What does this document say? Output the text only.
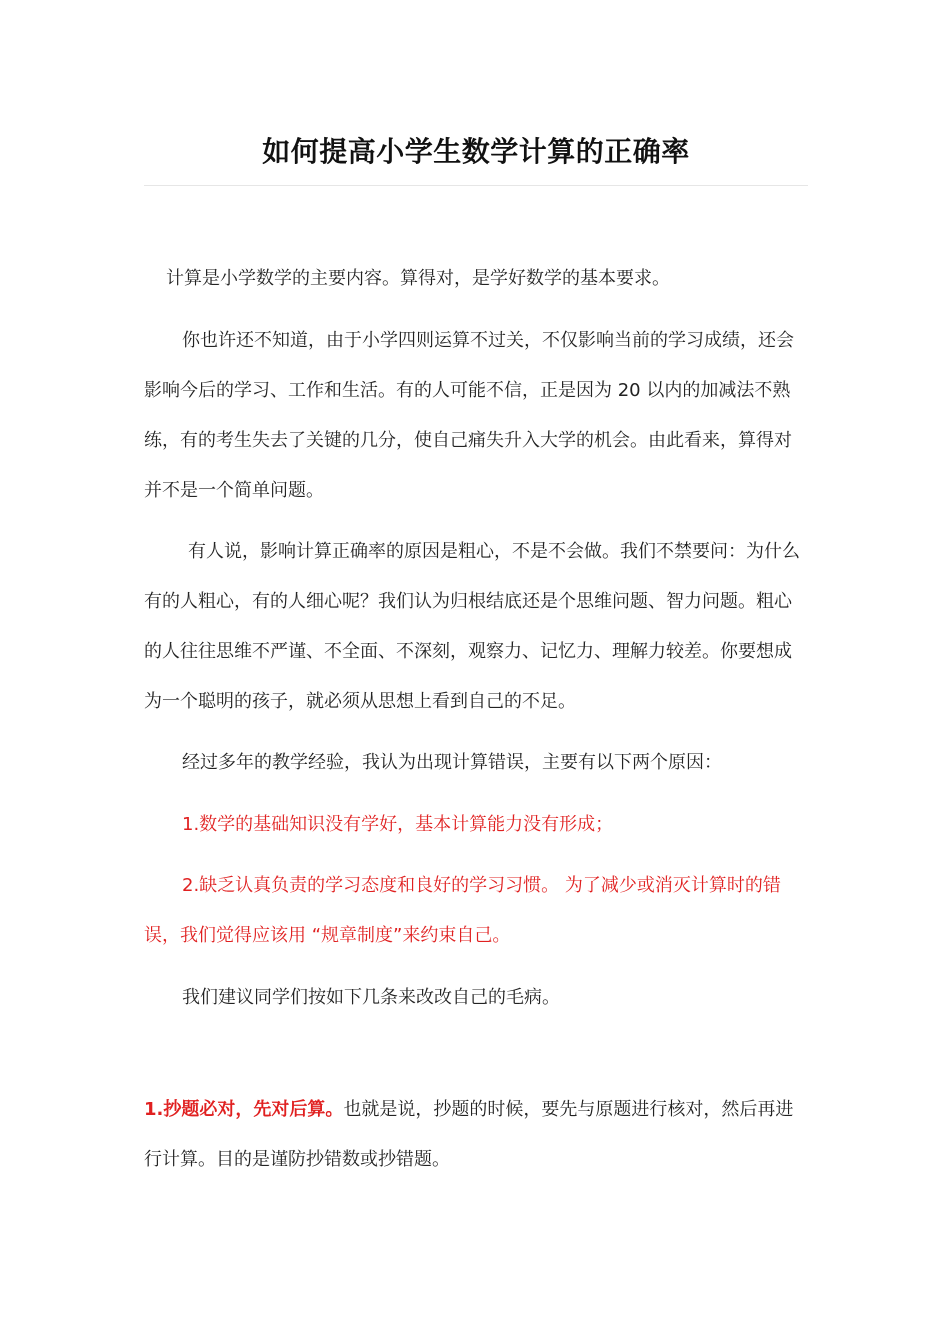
如何提高小学生数学计算的正确率

计算是小学数学的主要内容。算得对，是学好数学的基本要求。

你也许还不知道，由于小学四则运算不过关，不仅影响当前的学习成绩，还会影响今后的学习、工作和生活。有的人可能不信，正是因为 20 以内的加减法不熟练，有的考生失去了关键的几分，使自己痛失升入大学的机会。由此看来，算得对并不是一个简单问题。

有人说，影响计算正确率的原因是粗心，不是不会做。我们不禁要问：为什么有的人粗心，有的人细心呢？我们认为归根结底还是个思维问题、智力问题。粗心的人往往思维不严谨、不全面、不深刻，观察力、记忆力、理解力较差。你要想成为一个聪明的孩子，就必须从思想上看到自己的不足。

经过多年的教学经验，我认为出现计算错误，主要有以下两个原因：

1.数学的基础知识没有学好，基本计算能力没有形成；

2.缺乏认真负责的学习态度和良好的学习习惯。 为了减少或消灭计算时的错误，我们觉得应该用 “规章制度”来约束自己。

我们建议同学们按如下几条来改改自己的毛病。

1.抄题必对，先对后算。也就是说，抄题的时候，要先与原题进行核对，然后再进行计算。目的是谨防抄错数或抄错题。
